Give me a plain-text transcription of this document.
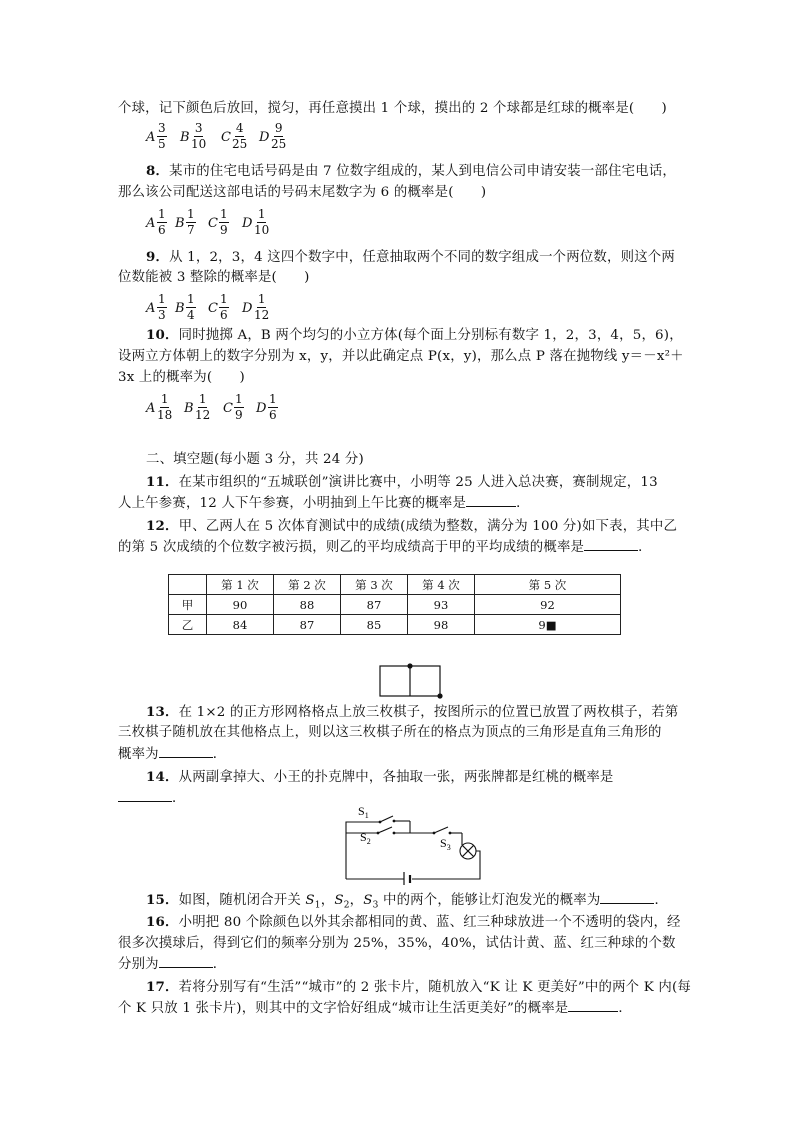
个球，记下颜色后放回，搅匀，再任意摸出 1 个球，摸出的 2 个球都是红球的概率是(　　)
A $\frac{3}{5}$ B $\frac{3}{10}$ C $\frac{4}{25}$ D $\frac{9}{25}$
8．某市的住宅电话号码是由 7 位数字组成的，某人到电信公司申请安装一部住宅电话，
那么该公司配送这部电话的号码末尾数字为 6 的概率是(　　)
A $\frac{1}{6}$ B $\frac{1}{7}$ C $\frac{1}{9}$ D $\frac{1}{10}$
9．从 1，2，3，4 这四个数字中，任意抽取两个不同的数字组成一个两位数，则这个两
位数能被 3 整除的概率是(　　)
A $\frac{1}{3}$ B $\frac{1}{4}$ C $\frac{1}{6}$ D $\frac{1}{12}$
10．同时抛掷 A，B 两个均匀的小立方体(每个面上分别标有数字 1，2，3，4，5，6)，
设两立方体朝上的数字分别为 x，y，并以此确定点 P(x，y)，那么点 P 落在抛物线 y＝－x²＋
3x 上的概率为(　　)
A $\frac{1}{18}$ B $\frac{1}{12}$ C $\frac{1}{9}$ D $\frac{1}{6}$
二、填空题(每小题 3 分，共 24 分)
11．在某市组织的“五城联创”演讲比赛中，小明等 25 人进入总决赛，赛制规定，13
人上午参赛，12 人下午参赛，小明抽到上午比赛的概率是	．
12．甲、乙两人在 5 次体育测试中的成绩(成绩为整数，满分为 100 分)如下表，其中乙
的第 5 次成绩的个位数字被污损，则乙的平均成绩高于甲的平均成绩的概率是	．
	第 1 次	第 2 次	第 3 次	第 4 次	第 5 次
甲	90	88	87	93	92
乙	84	87	85	98	9■
13．在 1×2 的正方形网格格点上放三枚棋子，按图所示的位置已放置了两枚棋子，若第
三枚棋子随机放在其他格点上，则以这三枚棋子所在的格点为顶点的三角形是直角三角形的
概率为	．
14．从两副拿掉大、小王的扑克牌中，各抽取一张，两张牌都是红桃的概率是
．
$S_1$
$S_2$	$S_3$
15．如图，随机闭合开关 $S_1$，$S_2$，$S_3$ 中的两个，能够让灯泡发光的概率为	．
16．小明把 80 个除颜色以外其余都相同的黄、蓝、红三种球放进一个不透明的袋内，经
很多次摸球后，得到它们的频率分别为 25%，35%，40%，试估计黄、蓝、红三种球的个数
分别为	．
17．若将分别写有“生活”“城市”的 2 张卡片，随机放入“K 让 K 更美好”中的两个 K 内(每
个 K 只放 1 张卡片)，则其中的文字恰好组成“城市让生活更美好”的概率是	．
